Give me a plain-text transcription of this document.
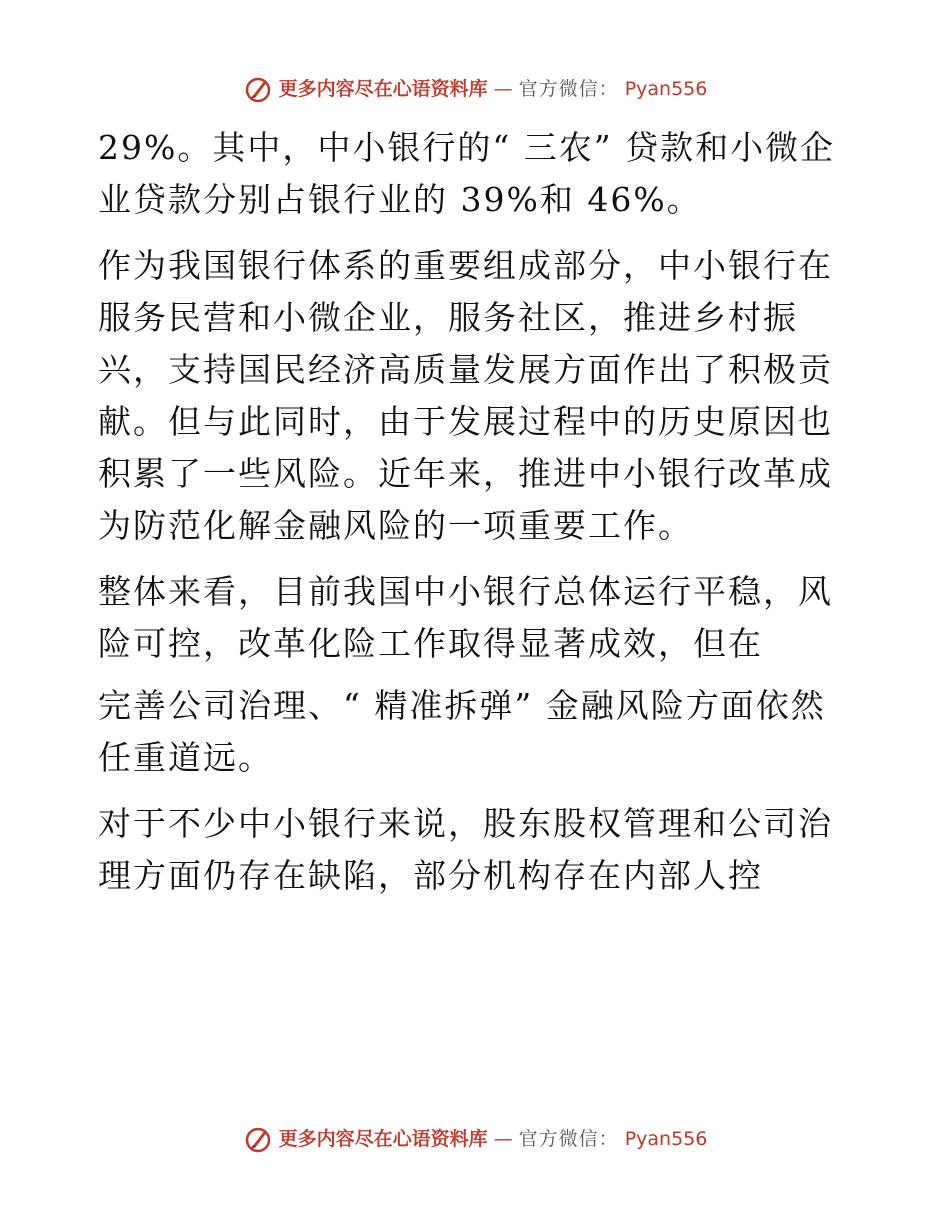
更多内容尽在心语资料库 — 官方微信： Pyan556

29%。其中，中小银行的“ 三农” 贷款和小微企业贷款分别占银行业的 39%和 46%。

作为我国银行体系的重要组成部分，中小银行在服务民营和小微企业，服务社区，推进乡村振兴，支持国民经济高质量发展方面作出了积极贡献。但与此同时，由于发展过程中的历史原因也积累了一些风险。近年来，推进中小银行改革成为防范化解金融风险的一项重要工作。

整体来看，目前我国中小银行总体运行平稳，风险可控，改革化险工作取得显著成效，但在

完善公司治理、“ 精准拆弹” 金融风险方面依然任重道远。

对于不少中小银行来说，股东股权管理和公司治理方面仍存在缺陷，部分机构存在内部人控

更多内容尽在心语资料库 — 官方微信： Pyan556
